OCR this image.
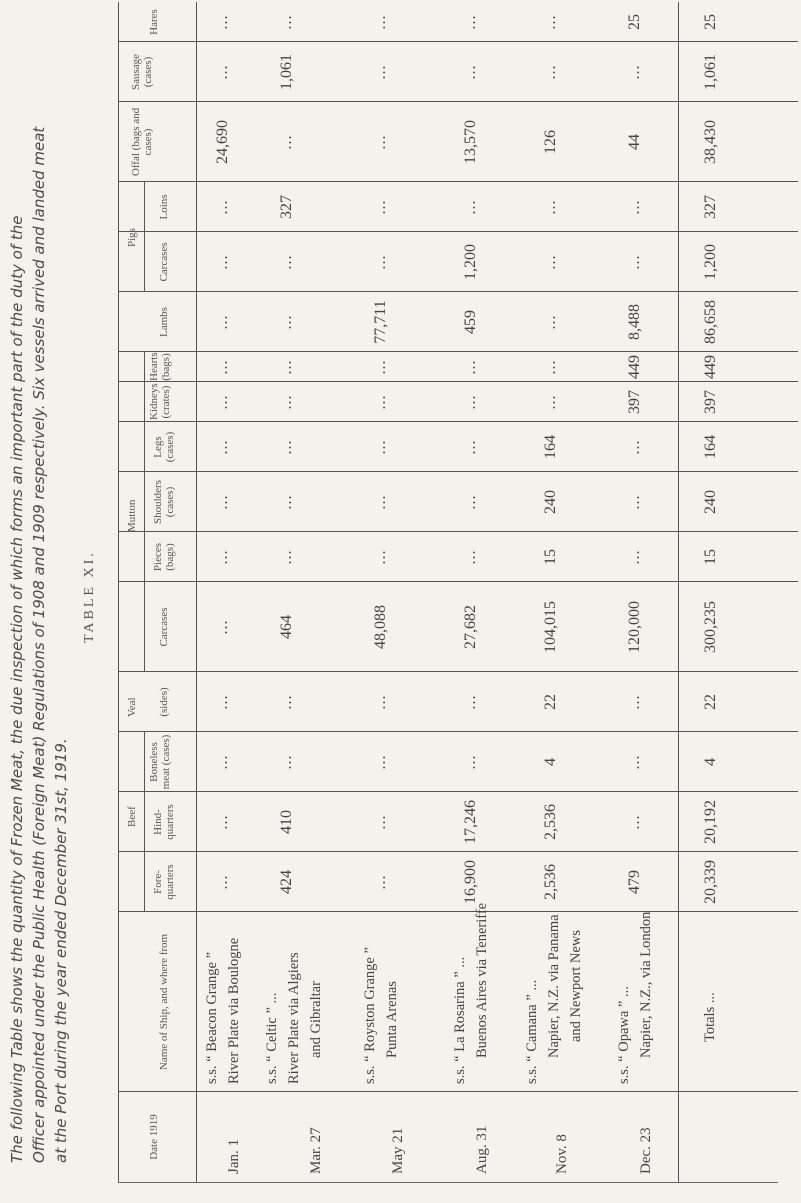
The following Table shows the quantity of Frozen Meat, the due inspection of which forms an important part of the duty of the Officer appointed under the Public Health (Foreign Meat) Regulations of 1908 and 1909 respectively. Six vessels arrived and landed meat at the Port during the year ended December 31st, 1919.
TABLE XI.
Beef
Veal
Mutton
Pigs
Date 1919
Name of Ship, and where from
Fore-quarters
Hind-quarters
Boneless meat (cases)
(sides)
Carcases
Pieces (bags)
Shoulders (cases)
Legs (cases)
Kidneys (crates)
Hearts (bags)
Lambs
Carcases
Loins
Offal (bags and cases)
Sausage (cases)
Hares
Jan. 1
s.s. “ Beacon Grange ” River Plate via Boulogne
...
...
...
...
...
...
...
...
...
...
...
...
...
24,690
...
...
Mar. 27
s.s. “ Celtic ” ... River Plate via Algiers and Gibraltar
424
410
...
...
464
...
...
...
...
...
...
...
327
...
1,061
...
May 21
s.s. “ Royston Grange ” Punta Arenas
...
...
...
...
48,088
...
...
...
...
...
77,711
...
...
...
...
...
Aug. 31
s.s. “ La Rosarina ” ... Buenos Aires via Teneriffe
16,900
17,246
...
...
27,682
...
...
...
...
...
459
1,200
...
13,570
...
...
Nov. 8
s.s. “ Camana ” ... Napier, N.Z. via Panama and Newport News
2,536
2,536
4
22
104,015
15
240
164
...
...
...
...
...
126
...
...
Dec. 23
s.s. “ Opawa ” ... Napier, N.Z., via London
479
...
...
...
120,000
...
...
...
397
449
8,488
...
...
44
...
25
Totals ...
20,339
20,192
4
22
300,235
15
240
164
397
449
86,658
1,200
327
38,430
1,061
25
